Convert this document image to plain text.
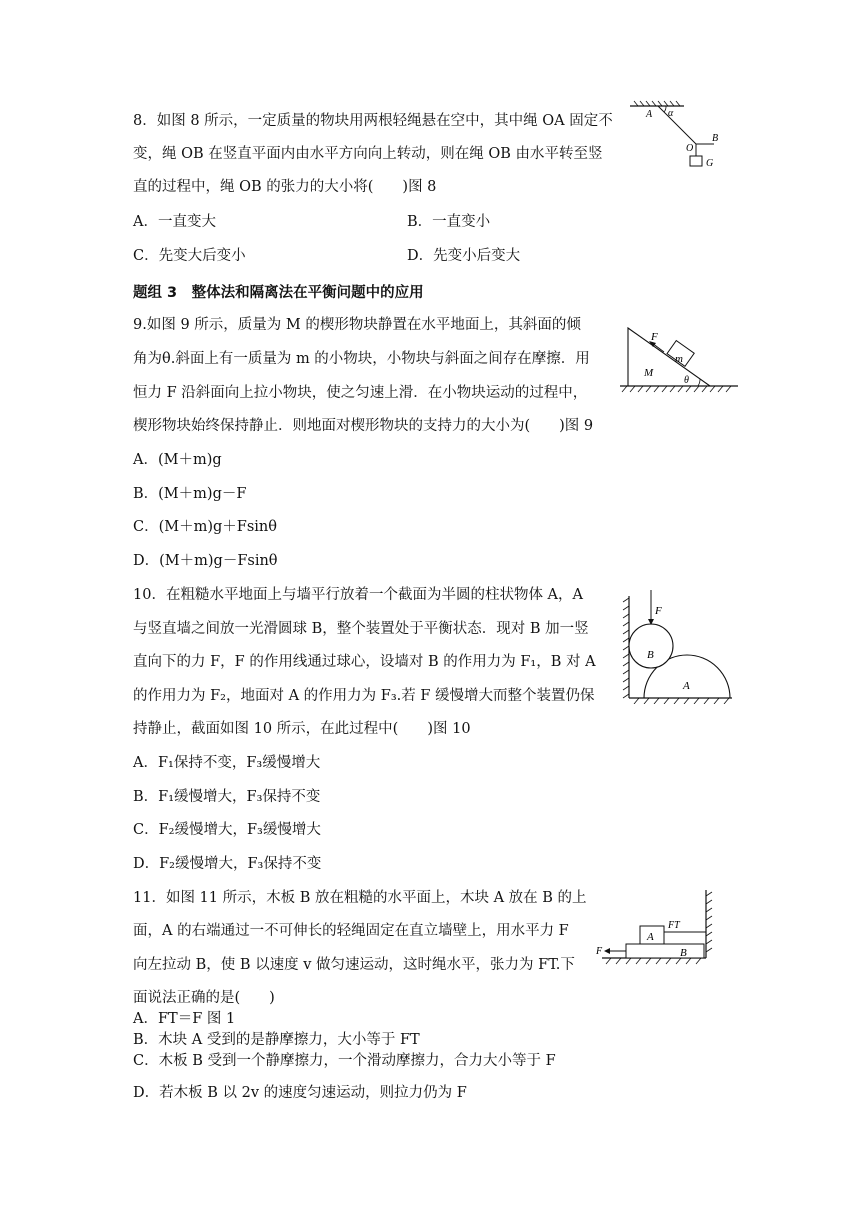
8．如图 8 所示，一定质量的物块用两根轻绳悬在空中，其中绳 OA 固定不
变，绳 OB 在竖直平面内由水平方向向上转动，则在绳 OB 由水平转至竖
直的过程中，绳 OB 的张力的大小将(　　)图 8
A．一直变大	B．一直变小
C．先变大后变小	D．先变小后变大
A α
O
B
G
题组 3　整体法和隔离法在平衡问题中的应用
9.如图 9 所示，质量为 M 的楔形物块静置在水平地面上，其斜面的倾
角为θ.斜面上有一质量为 m 的小物块，小物块与斜面之间存在摩擦．用
恒力 F 沿斜面向上拉小物块，使之匀速上滑．在小物块运动的过程中，
楔形物块始终保持静止．则地面对楔形物块的支持力的大小为(　　)图 9
A．(M＋m)g
B．(M＋m)g－F
C．(M＋m)g＋Fsinθ
D．(M＋m)g－Fsinθ
F
m
M
θ
10．在粗糙水平地面上与墙平行放着一个截面为半圆的柱状物体 A，A
与竖直墙之间放一光滑圆球 B，整个装置处于平衡状态．现对 B 加一竖
直向下的力 F，F 的作用线通过球心，设墙对 B 的作用力为 F₁，B 对 A
的作用力为 F₂，地面对 A 的作用力为 F₃.若 F 缓慢增大而整个装置仍保
持静止，截面如图 10 所示，在此过程中(　　)图 10
A．F₁保持不变，F₃缓慢增大
B．F₁缓慢增大，F₃保持不变
C．F₂缓慢增大，F₃缓慢增大
D．F₂缓慢增大，F₃保持不变
F
B
A
11．如图 11 所示，木板 B 放在粗糙的水平面上，木块 A 放在 B 的上
面，A 的右端通过一不可伸长的轻绳固定在直立墙壁上，用水平力 F
向左拉动 B，使 B 以速度 v 做匀速运动，这时绳水平，张力为 FT.下
面说法正确的是(　　)
A．FT＝F 图 1
B．木块 A 受到的是静摩擦力，大小等于 FT
C．木板 B 受到一个静摩擦力，一个滑动摩擦力，合力大小等于 F
D．若木板 B 以 2v 的速度匀速运动，则拉力仍为 F
A
B
FT
F
